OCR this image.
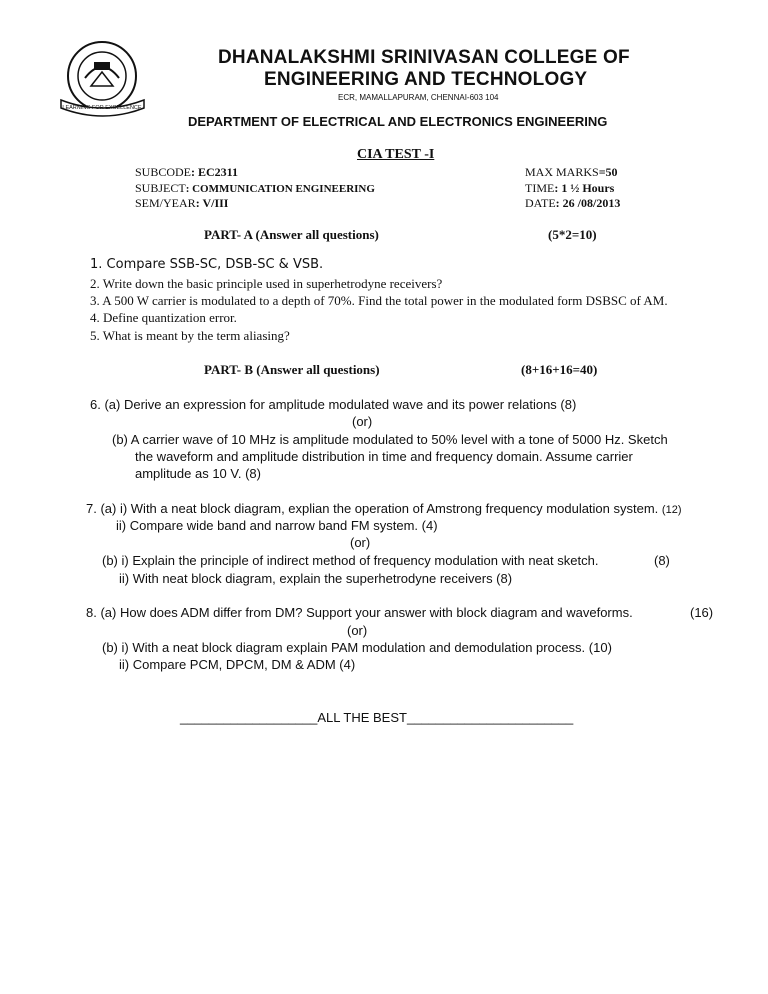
LEARNING FOR EXCELLENCE
DHANALAKSHMI SRINIVASAN COLLEGE OF
ENGINEERING AND TECHNOLOGY
ECR, MAMALLAPURAM, CHENNAI-603 104
DEPARTMENT OF ELECTRICAL AND ELECTRONICS ENGINEERING
CIA TEST -I
SUBCODE: EC2311
SUBJECT: COMMUNICATION ENGINEERING
SEM/YEAR: V/III
MAX MARKS=50
TIME: 1 ½ Hours
DATE: 26 /08/2013
PART- A (Answer all questions)	(5*2=10)
1. Compare SSB-SC, DSB-SC & VSB.
2. Write down the basic principle used in superhetrodyne receivers?
3. A 500 W carrier is modulated to a depth of 70%. Find the total power in the modulated form DSBSC of AM.
4. Define quantization error.
5. What is meant by the term aliasing?
PART- B (Answer all questions)	(8+16+16=40)
6. (a) Derive an expression for amplitude modulated wave and its power relations (8)
(or)
(b) A carrier wave of 10 MHz is amplitude modulated to 50% level with a tone of 5000 Hz. Sketch
the waveform and amplitude distribution in time and frequency domain. Assume carrier
amplitude as 10 V. (8)
7. (a) i) With a neat block diagram, explian the operation of Amstrong frequency modulation system. (12)
ii) Compare wide band and narrow band FM system. (4)
(or)
(b) i) Explain the principle of indirect method of frequency modulation with neat sketch.	(8)
ii) With neat block diagram, explain the superhetrodyne receivers (8)
8. (a) How does ADM differ from DM? Support your answer with block diagram and waveforms.	(16)
(or)
(b) i) With a neat block diagram explain PAM modulation and demodulation process. (10)
ii) Compare PCM, DPCM, DM & ADM (4)
___________________ALL THE BEST_______________________
